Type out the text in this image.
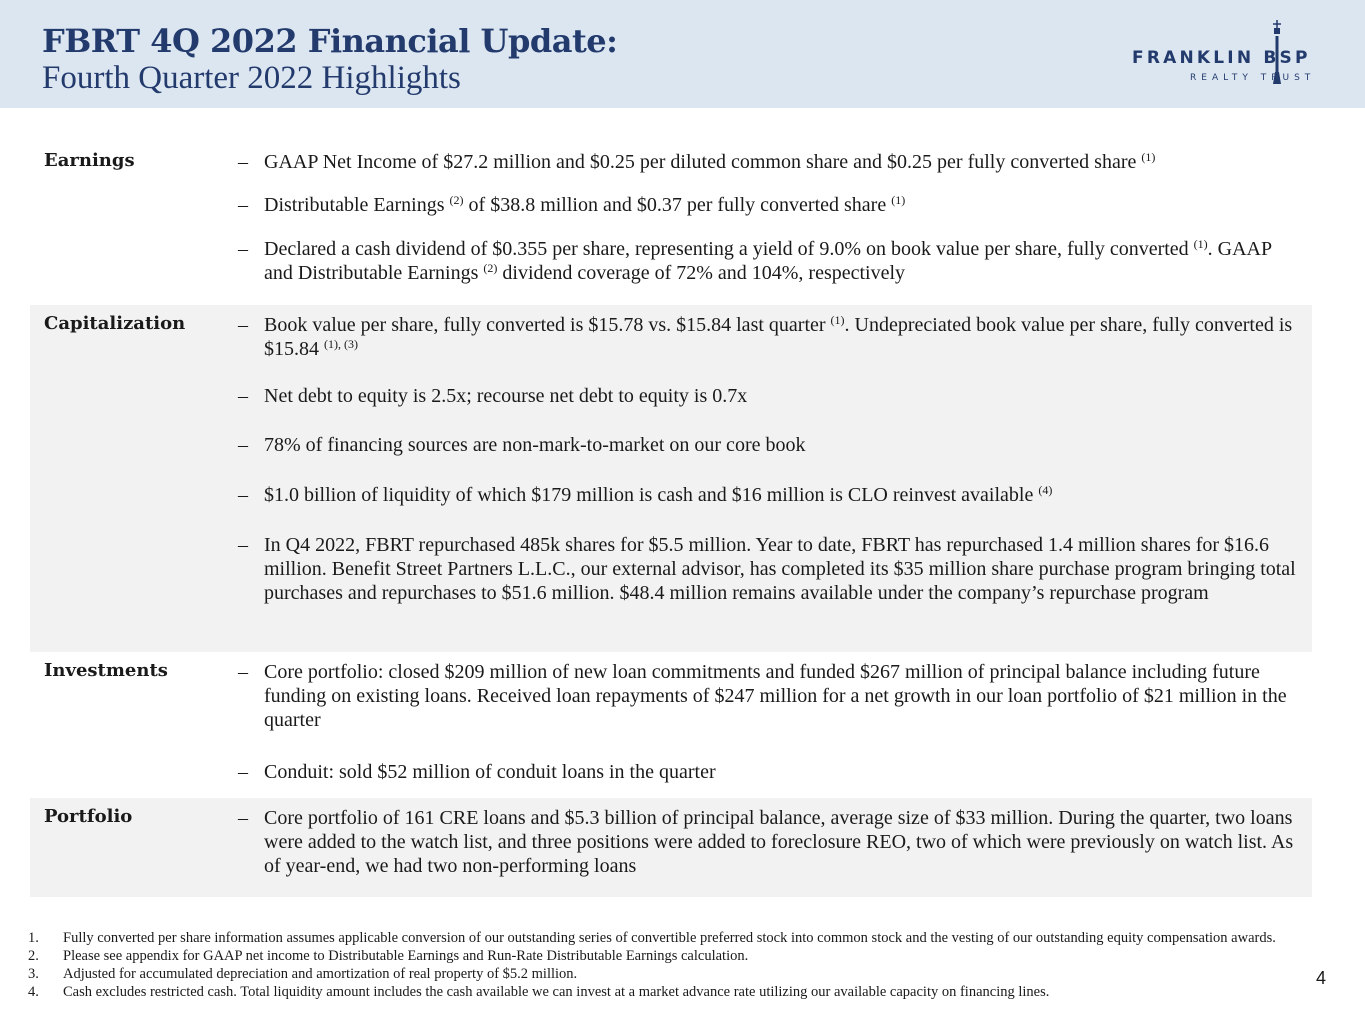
FBRT 4Q 2022 Financial Update:
Fourth Quarter 2022 Highlights
FRANKLIN BSP
REALTY TRUST
Earnings	– GAAP Net Income of $27.2 million and $0.25 per diluted common share and $0.25 per fully converted share $^{(1)}$
– Distributable Earnings $^{(2)}$ of $38.8 million and $0.37 per fully converted share $^{(1)}$
– Declared a cash dividend of $0.355 per share, representing a yield of 9.0% on book value per share, fully converted $^{(1)}$. GAAP and Distributable Earnings $^{(2)}$ dividend coverage of 72% and 104%, respectively
Capitalization	– Book value per share, fully converted is $15.78 vs. $15.84 last quarter $^{(1)}$. Undepreciated book value per share, fully converted is $15.84 $^{(1), (3)}$
– Net debt to equity is 2.5x; recourse net debt to equity is 0.7x
– 78% of financing sources are non-mark-to-market on our core book
– $1.0 billion of liquidity of which $179 million is cash and $16 million is CLO reinvest available $^{(4)}$
– In Q4 2022, FBRT repurchased 485k shares for $5.5 million. Year to date, FBRT has repurchased 1.4 million shares for $16.6 million. Benefit Street Partners L.L.C., our external advisor, has completed its $35 million share purchase program bringing total purchases and repurchases to $51.6 million. $48.4 million remains available under the company’s repurchase program
Investments	– Core portfolio: closed $209 million of new loan commitments and funded $267 million of principal balance including future funding on existing loans. Received loan repayments of $247 million for a net growth in our loan portfolio of $21 million in the quarter
– Conduit: sold $52 million of conduit loans in the quarter
Portfolio	– Core portfolio of 161 CRE loans and $5.3 billion of principal balance, average size of $33 million. During the quarter, two loans were added to the watch list, and three positions were added to foreclosure REO, two of which were previously on watch list. As of year-end, we had two non-performing loans
1. Fully converted per share information assumes applicable conversion of our outstanding series of convertible preferred stock into common stock and the vesting of our outstanding equity compensation awards.
2. Please see appendix for GAAP net income to Distributable Earnings and Run-Rate Distributable Earnings calculation.
3. Adjusted for accumulated depreciation and amortization of real property of $5.2 million.
4. Cash excludes restricted cash. Total liquidity amount includes the cash available we can invest at a market advance rate utilizing our available capacity on financing lines.
4
